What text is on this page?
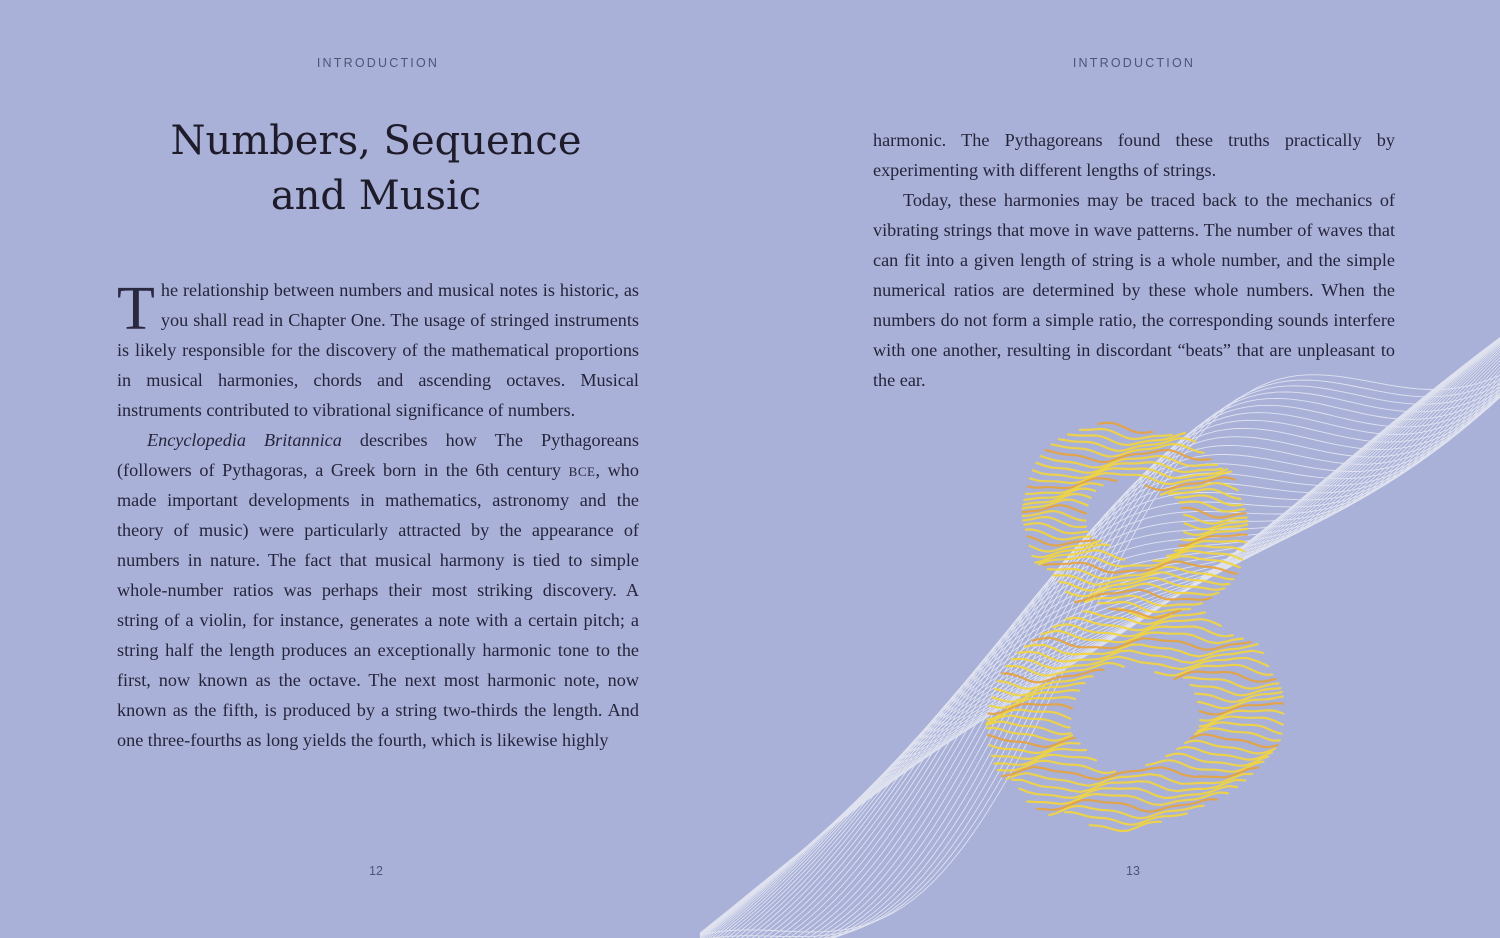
INTRODUCTION
Numbers, Sequence
and Music

The relationship between numbers and musical notes is historic, as you shall read in Chapter One. The usage of stringed instruments is likely responsible for the discovery of the mathematical proportions in musical harmonies, chords and ascending octaves. Musical instruments contributed to vibrational significance of numbers.

Encyclopedia Britannica describes how The Pythagoreans (followers of Pythagoras, a Greek born in the 6th century bce, who made important developments in mathematics, astronomy and the theory of music) were particularly attracted by the appearance of numbers in nature. The fact that musical harmony is tied to simple whole-number ratios was perhaps their most striking discovery. A string of a violin, for instance, generates a note with a certain pitch; a string half the length produces an exceptionally harmonic tone to the first, now known as the octave. The next most harmonic note, now known as the fifth, is produced by a string two-thirds the length. And one three-fourths as long yields the fourth, which is likewise highly

12
INTRODUCTION

harmonic. The Pythagoreans found these truths practically by experimenting with different lengths of strings.

Today, these harmonies may be traced back to the mechanics of vibrating strings that move in wave patterns. The number of waves that can fit into a given length of string is a whole number, and the simple numerical ratios are determined by these whole numbers. When the numbers do not form a simple ratio, the corresponding sounds interfere with one another, resulting in discordant “beats” that are unpleasant to the ear.

13
